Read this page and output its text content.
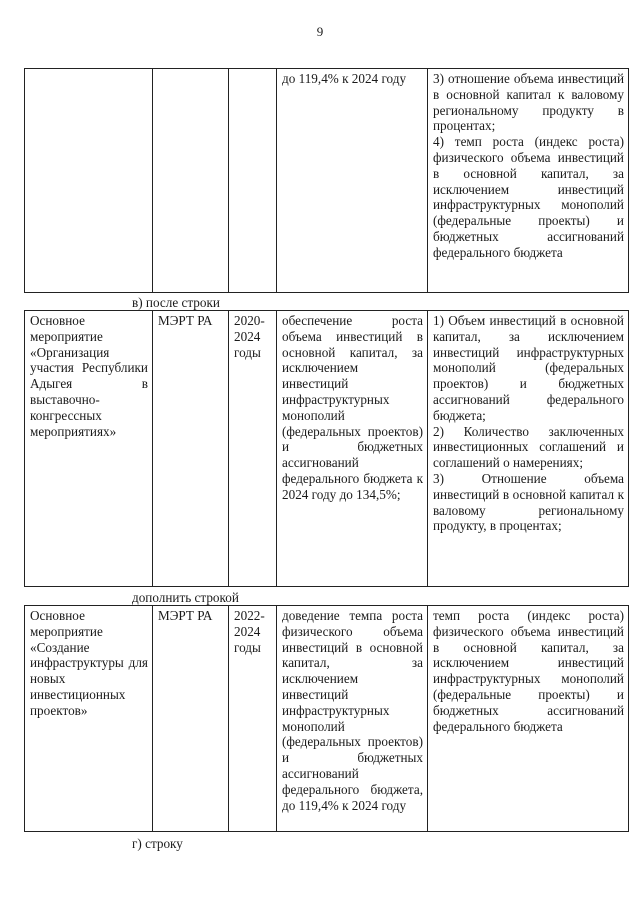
9
			до 119,4% к 2024 году	3) отношение объема инвестиций в основной капитал к валовому региональному продукту в процентах;
4) темп роста (индекс роста) физического объема инвестиций в основной капитал, за исключением инвестиций инфраструктурных монополий (федеральные проекты) и бюджетных ассигнований федерального бюджета
в) после строки
Основное мероприятие «Организация участия Республики Адыгея в выставочно-конгрессных мероприятиях»	МЭРТ РА	2020-2024 годы	обеспечение роста объема инвестиций в основной капитал, за исключением инвестиций инфраструктурных монополий (федеральных проектов) и бюджетных ассигнований федерального бюджета к 2024 году до 134,5%;	1) Объем инвестиций в основной капитал, за исключением инвестиций инфраструктурных монополий (федеральных проектов) и бюджетных ассигнований федерального бюджета;
2) Количество заключенных инвестиционных соглашений и соглашений о намерениях;
3) Отношение объема инвестиций в основной капитал к валовому региональному продукту, в процентах;
дополнить строкой
Основное мероприятие «Создание инфраструктуры для новых инвестиционных проектов»	МЭРТ РА	2022-2024 годы	доведение темпа роста физического объема инвестиций в основной капитал, за исключением инвестиций инфраструктурных монополий (федеральных проектов) и бюджетных ассигнований федерального бюджета, до 119,4% к 2024 году	темп роста (индекс роста) физического объема инвестиций в основной капитал, за исключением инвестиций инфраструктурных монополий (федеральные проекты) и бюджетных ассигнований федерального бюджета
г) строку
